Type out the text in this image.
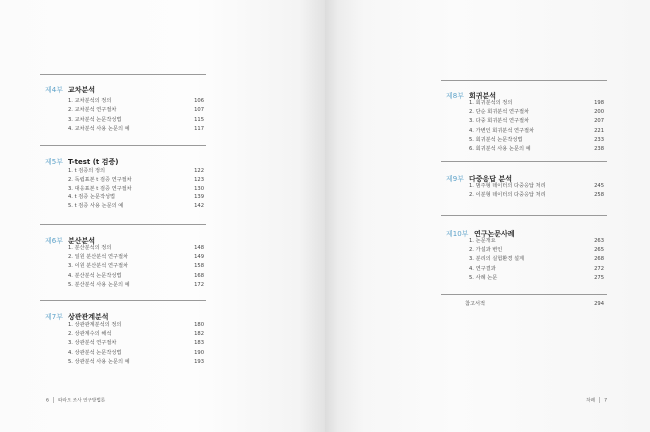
제4부 교차분석
1. 교차분석의 정의	106
2. 교차분석 연구절차	107
3. 교차분석 논문작성법	115
4. 교차분석 사용 논문의 예	117
제5부 T-test (t 검증)
1. t 검증의 정의	122
2. 독립표본 t 검증 연구절차	123
3. 대응표본 t 검증 연구절차	130
4. t 검증 논문작성법	139
5. t 검증 사용 논문의 예	142
제6부 분산분석
1. 분산분석의 정의	148
2. 일원 분산분석 연구절차	149
3. 이원 분산분석 연구절차	158
4. 분산분석 논문작성법	168
5. 분산분석 사용 논문의 예	172
제7부 상관관계분석
1. 상관관계분석의 정의	180
2. 상관계수의 해석	182
3. 상관분석 연구절차	183
4. 상관분석 논문작성법	190
5. 상관분석 사용 논문의 예	193
6 따라오 조사 연구방법론
제8부 회귀분석
1. 회귀분석의 정의	198
2. 단순 회귀분석 연구절차	200
3. 다중 회귀분석 연구절차	207
4. 가변인 회귀분석 연구절차	221
5. 회귀분석 논문작성법	233
6. 회귀분석 사용 논문의 예	238
제9부 다중응답 분석
1. 범주형 데이터의 다중응답 처리	245
2. 이분형 데이터의 다중응답 처리	258
제10부 연구논문사례
1. 논문개요	263
2. 가설과 변인	265
3. 분리의 실험환경 설계	268
4. 연구결과	272
5. 사례 논문	275
참고서적	294
차례 7
